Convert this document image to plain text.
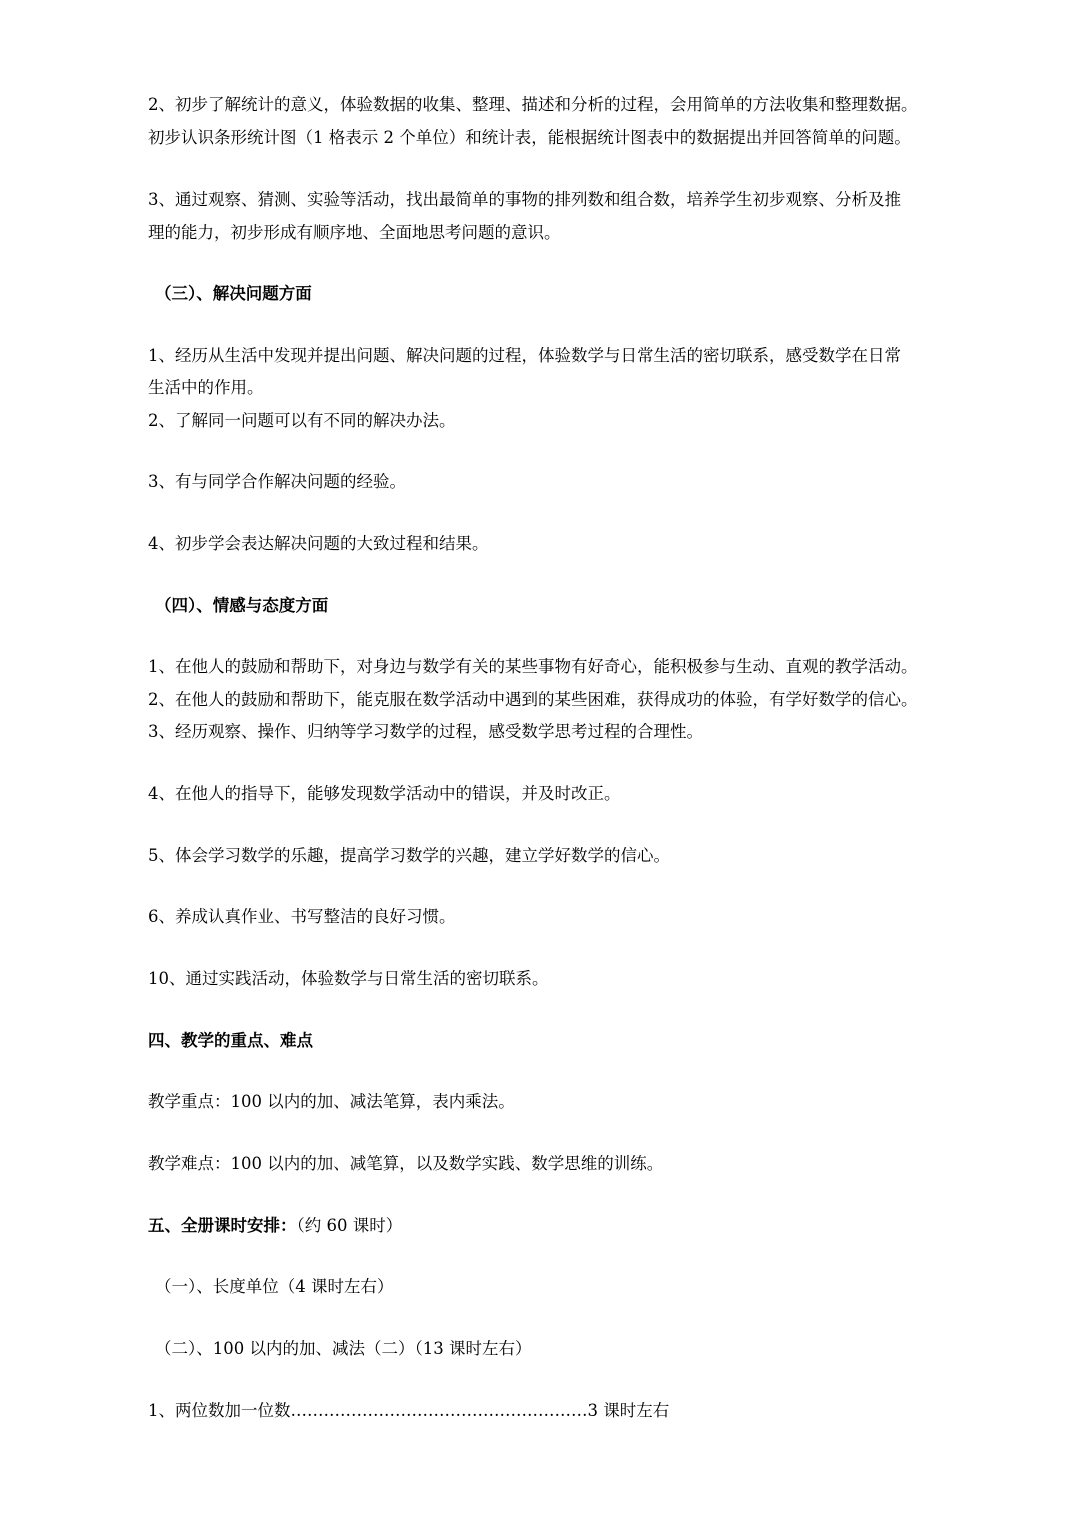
2、初步了解统计的意义，体验数据的收集、整理、描述和分析的过程，会用简单的方法收集和整理数据。
初步认识条形统计图（1 格表示 2 个单位）和统计表，能根据统计图表中的数据提出并回答简单的问题。
3、通过观察、猜测、实验等活动，找出最简单的事物的排列数和组合数，培养学生初步观察、分析及推
理的能力，初步形成有顺序地、全面地思考问题的意识。
（三）、解决问题方面
1、经历从生活中发现并提出问题、解决问题的过程，体验数学与日常生活的密切联系，感受数学在日常
生活中的作用。
2、了解同一问题可以有不同的解决办法。
3、有与同学合作解决问题的经验。
4、初步学会表达解决问题的大致过程和结果。
（四）、情感与态度方面
1、在他人的鼓励和帮助下，对身边与数学有关的某些事物有好奇心，能积极参与生动、直观的教学活动。
2、在他人的鼓励和帮助下，能克服在数学活动中遇到的某些困难，获得成功的体验，有学好数学的信心。
3、经历观察、操作、归纳等学习数学的过程，感受数学思考过程的合理性。
4、在他人的指导下，能够发现数学活动中的错误，并及时改正。
5、体会学习数学的乐趣，提高学习数学的兴趣，建立学好数学的信心。
6、养成认真作业、书写整洁的良好习惯。
10、通过实践活动，体验数学与日常生活的密切联系。
四、教学的重点、难点
教学重点：100 以内的加、减法笔算，表内乘法。
教学难点：100 以内的加、减笔算，以及数学实践、数学思维的训练。
五、全册课时安排：（约 60 课时）
（一）、长度单位（4 课时左右）
（二）、100 以内的加、减法（二）（13 课时左右）
1、两位数加一位数………………………………………………3 课时左右
